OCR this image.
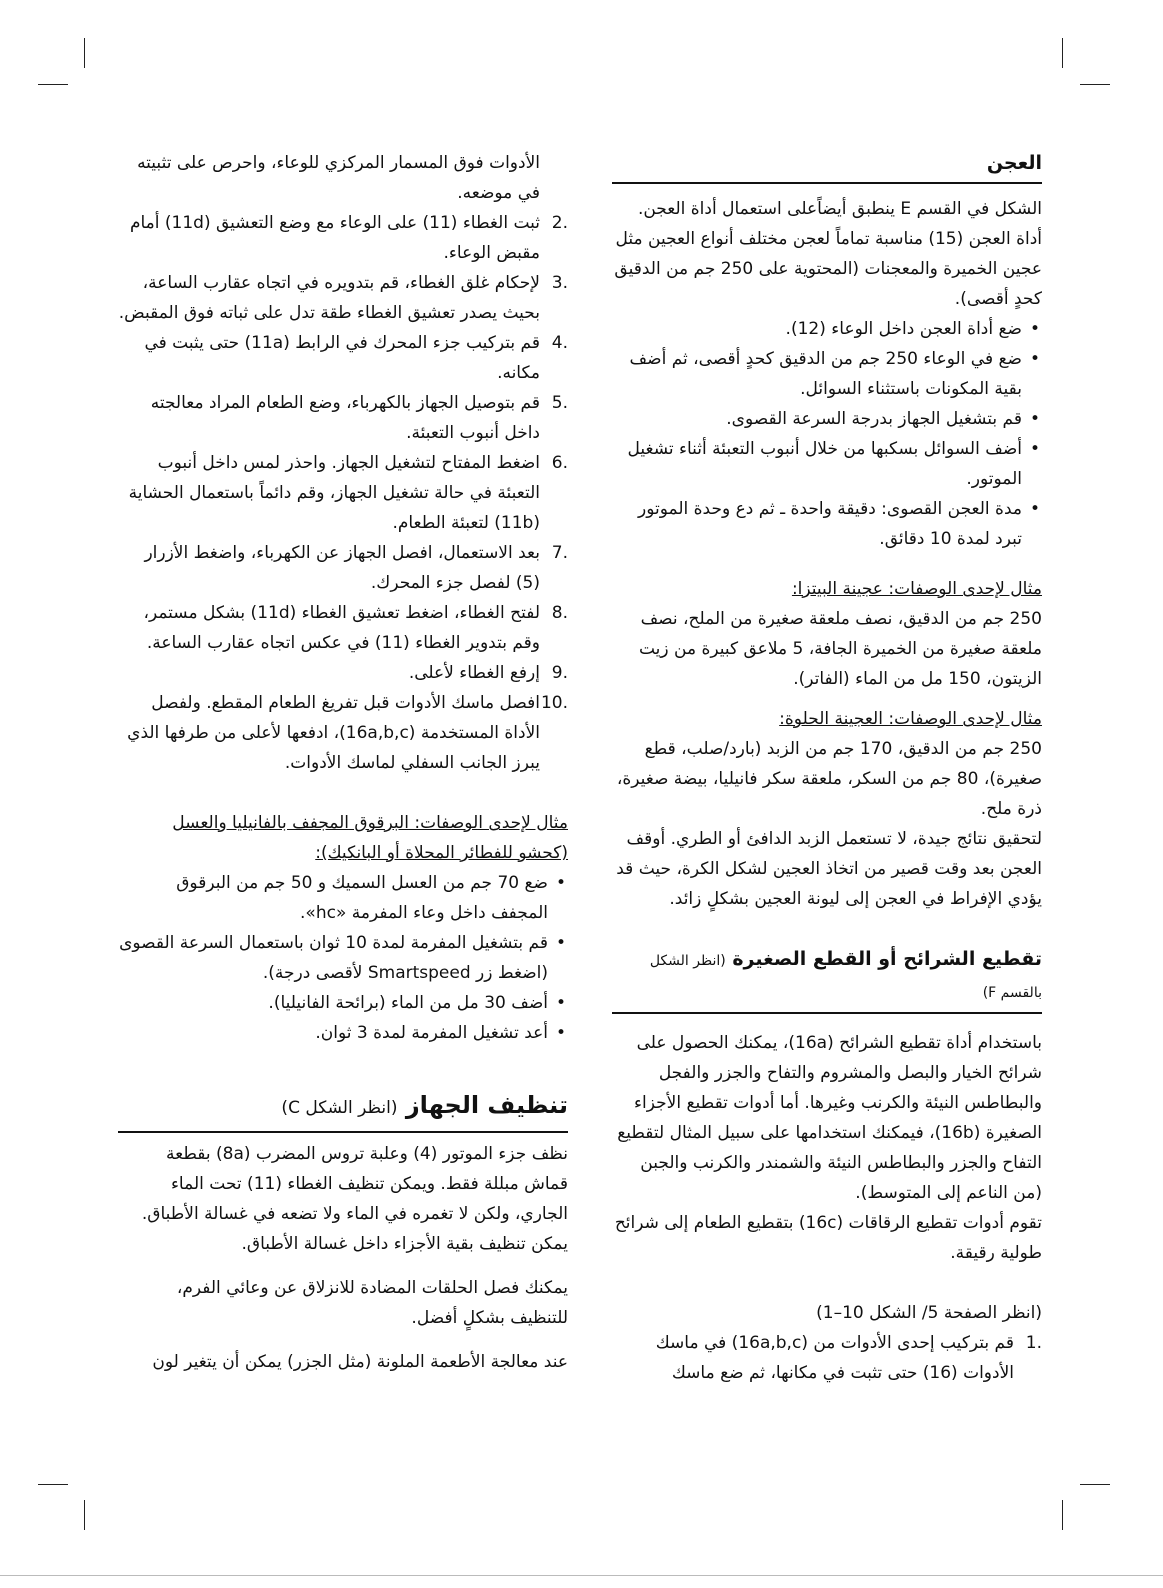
العجن

الشكل في القسم E ينطبق أيضاًعلى استعمال أداة العجن. أداة العجن (15) مناسبة تماماً لعجن مختلف أنواع العجين مثل عجين الخميرة والمعجنات (المحتوية على 250 جم من الدقيق كحدٍ أقصى).

• ضع أداة العجن داخل الوعاء (12).
• ضع في الوعاء 250 جم من الدقيق كحدٍ أقصى، ثم أضف بقية المكونات باستثناء السوائل.
• قم بتشغيل الجهاز بدرجة السرعة القصوى.
• أضف السوائل بسكبها من خلال أنبوب التعبئة أثناء تشغيل الموتور.
• مدة العجن القصوى: دقيقة واحدة ـ ثم دع وحدة الموتور تبرد لمدة 10 دقائق.

مثال لإحدى الوصفات: عجينة البيتزا:

250 جم من الدقيق، نصف ملعقة صغيرة من الملح، نصف ملعقة صغيرة من الخميرة الجافة، 5 ملاعق كبيرة من زيت الزيتون، 150 مل من الماء (الفاتر).

مثال لإحدى الوصفات: العجينة الحلوة:

250 جم من الدقيق، 170 جم من الزبد (بارد/صلب، قطع صغيرة)، 80 جم من السكر، ملعقة سكر فانيليا، بيضة صغيرة، ذرة ملح.

لتحقيق نتائج جيدة، لا تستعمل الزبد الدافئ أو الطري. أوقف العجن بعد وقت قصير من اتخاذ العجين لشكل الكرة، حيث قد يؤدي الإفراط في العجن إلى ليونة العجين بشكلٍ زائد.

تقطيع الشرائح أو القطع الصغيرة (انظر الشكل بالقسم F)

باستخدام أداة تقطيع الشرائح (16a)، يمكنك الحصول على شرائح الخيار والبصل والمشروم والتفاح والجزر والفجل والبطاطس النيئة والكرنب وغيرها. أما أدوات تقطيع الأجزاء الصغيرة (16b)، فيمكنك استخدامها على سبيل المثال لتقطيع التفاح والجزر والبطاطس النيئة والشمندر والكرنب والجبن (من الناعم إلى المتوسط).

تقوم أدوات تقطيع الرقاقات (16c) بتقطيع الطعام إلى شرائح طولية رقيقة.

(انظر الصفحة 5/ الشكل 10–1)

1.
قم بتركيب إحدى الأدوات من (16a,b,c) في ماسك الأدوات (16) حتى تثبت في مكانها، ثم ضع ماسك

الأدوات فوق المسمار المركزي للوعاء، واحرص على تثبيته في موضعه.

2.
ثبت الغطاء (11) على الوعاء مع وضع التعشيق (11d) أمام مقبض الوعاء.
3.
لإحكام غلق الغطاء، قم بتدويره في اتجاه عقارب الساعة، بحيث يصدر تعشيق الغطاء طقة تدل على ثباته فوق المقبض.
4.
قم بتركيب جزء المحرك في الرابط (11a) حتى يثبت في مكانه.
5.
قم بتوصيل الجهاز بالكهرباء، وضع الطعام المراد معالجته داخل أنبوب التعبئة.
6.
اضغط المفتاح لتشغيل الجهاز. واحذر لمس داخل أنبوب التعبئة في حالة تشغيل الجهاز، وقم دائماً باستعمال الحشاية (11b) لتعبئة الطعام.
7.
بعد الاستعمال، افصل الجهاز عن الكهرباء، واضغط الأزرار (5) لفصل جزء المحرك.
8.
لفتح الغطاء، اضغط تعشيق الغطاء (11d) بشكل مستمر، وقم بتدوير الغطاء (11) في عكس اتجاه عقارب الساعة.
9.
إرفع الغطاء لأعلى.
10.
افصل ماسك الأدوات قبل تفريغ الطعام المقطع. ولفصل الأداة المستخدمة (16a,b,c)، ادفعها لأعلى من طرفها الذي يبرز الجانب السفلي لماسك الأدوات.

مثال لإحدى الوصفات: البرقوق المجفف بالفانيليا والعسل (كحشو للفطائر المحلاة أو البانكيك):

• ضع 70 جم من العسل السميك و 50 جم من البرقوق المجفف داخل وعاء المفرمة «hc».
• قم بتشغيل المفرمة لمدة 10 ثوان باستعمال السرعة القصوى (اضغط زر Smartspeed لأقصى درجة).
• أضف 30 مل من الماء (برائحة الفانيليا).
• أعد تشغيل المفرمة لمدة 3 ثوان.
تنظيف الجهاز (انظر الشكل C)

نظف جزء الموتور (4) وعلبة تروس المضرب (8a) بقطعة قماش مبللة فقط. ويمكن تنظيف الغطاء (11) تحت الماء الجاري، ولكن لا تغمره في الماء ولا تضعه في غسالة الأطباق. يمكن تنظيف بقية الأجزاء داخل غسالة الأطباق.

يمكنك فصل الحلقات المضادة للانزلاق عن وعائي الفرم، للتنظيف بشكلٍ أفضل.

عند معالجة الأطعمة الملونة (مثل الجزر) يمكن أن يتغير لون
